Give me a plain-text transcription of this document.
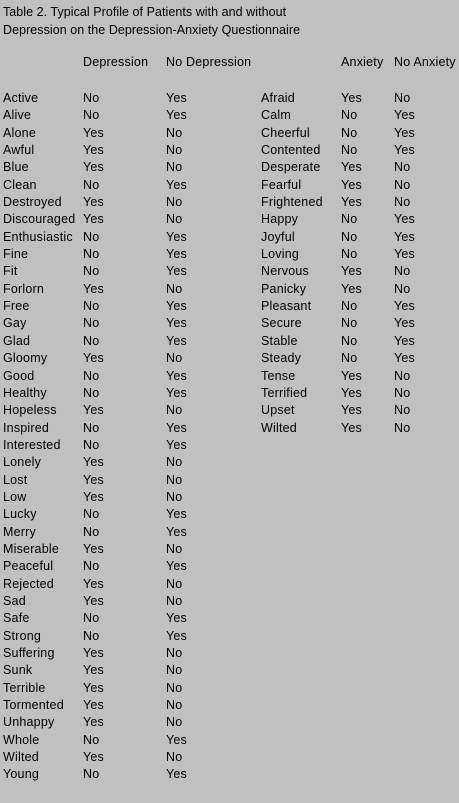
Table 2. Typical Profile of Patients with and without
Depression on the Depression-Anxiety Questionnaire
Depression No Depression	Anxiety No Anxiety
Active
Alive
Alone
Awful
Blue
Clean
Destroyed
Discouraged
Enthusiastic
Fine
Fit
Forlorn
Free
Gay
Glad
Gloomy
Good
Healthy
Hopeless
Inspired
Interested
Lonely
Lost
Low
Lucky
Merry
Miserable
Peaceful
Rejected
Sad
Safe
Strong
Suffering
Sunk
Terrible
Tormented
Unhappy
Whole
Wilted
Young
No
No
Yes
Yes
Yes
No
Yes
Yes
No
No
No
Yes
No
No
No
Yes
No
No
Yes
No
No
Yes
Yes
Yes
No
No
Yes
No
Yes
Yes
No
No
Yes
Yes
Yes
Yes
Yes
No
Yes
No
Yes
Yes
No
No
No
Yes
No
No
Yes
Yes
Yes
No
Yes
Yes
Yes
No
Yes
Yes
No
Yes
Yes
No
No
No
Yes
Yes
No
Yes
No
No
Yes
Yes
No
No
No
No
No
Yes
No
Yes
Afraid
Calm
Cheerful
Contented
Desperate
Fearful
Frightened
Happy
Joyful
Loving
Nervous
Panicky
Pleasant
Secure
Stable
Steady
Tense
Terrified
Upset
Wilted
Yes
No
No
No
Yes
Yes
Yes
No
No
No
Yes
Yes
No
No
No
No
Yes
Yes
Yes
Yes
No
Yes
Yes
Yes
No
No
No
Yes
Yes
Yes
No
No
Yes
Yes
Yes
Yes
No
No
No
No
